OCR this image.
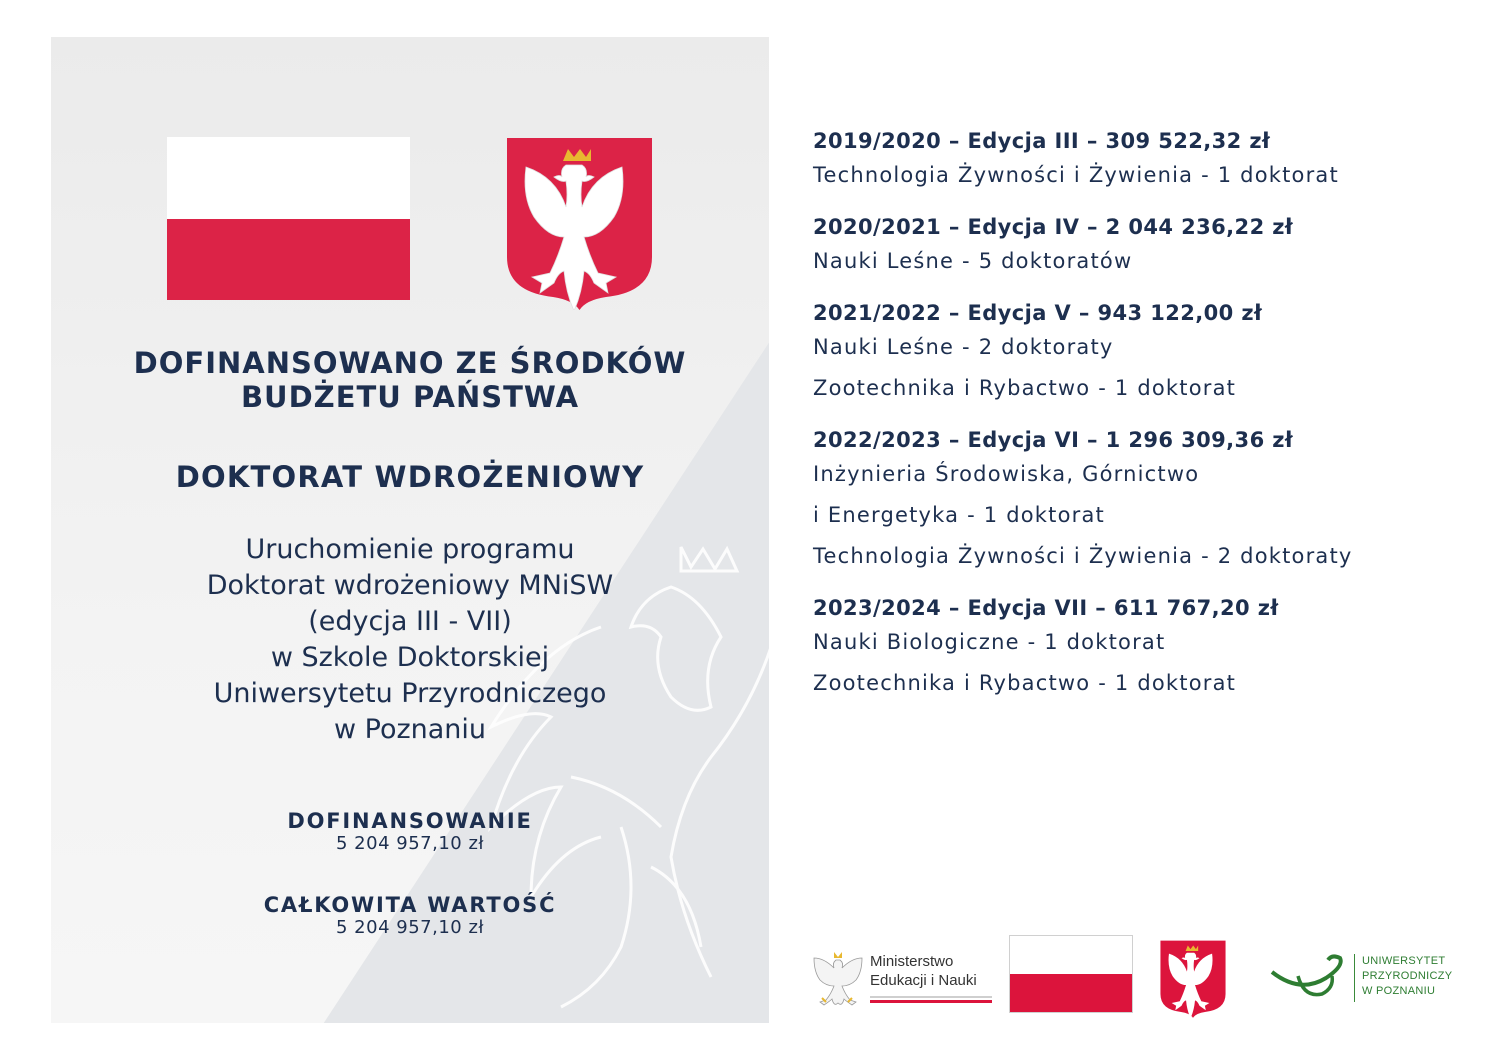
DOFINANSOWANO ZE ŚRODKÓW
BUDŻETU PAŃSTWA
DOKTORAT WDROŻENIOWY
Uruchomienie programu
Doktorat wdrożeniowy MNiSW
(edycja III - VII)
w Szkole Doktorskiej
Uniwersytetu Przyrodniczego
w Poznaniu
DOFINANSOWANIE
5 204 957,10 zł
CAŁKOWITA WARTOŚĆ
5 204 957,10 zł
2019/2020 – Edycja III – 309 522,32 zł
Technologia Żywności i Żywienia - 1 doktorat
2020/2021 – Edycja IV – 2 044 236,22 zł
Nauki Leśne - 5 doktoratów
2021/2022 – Edycja V – 943 122,00 zł
Nauki Leśne - 2 doktoraty
Zootechnika i Rybactwo - 1 doktorat
2022/2023 – Edycja VI – 1 296 309,36 zł
Inżynieria Środowiska, Górnictwo
i Energetyka - 1 doktorat
Technologia Żywności i Żywienia - 2 doktoraty
2023/2024 – Edycja VII – 611 767,20 zł
Nauki Biologiczne - 1 doktorat
Zootechnika i Rybactwo - 1 doktorat
Ministerstwo
Edukacji i Nauki
UNIWERSYTET
PRZYRODNICZY
W POZNANIU
